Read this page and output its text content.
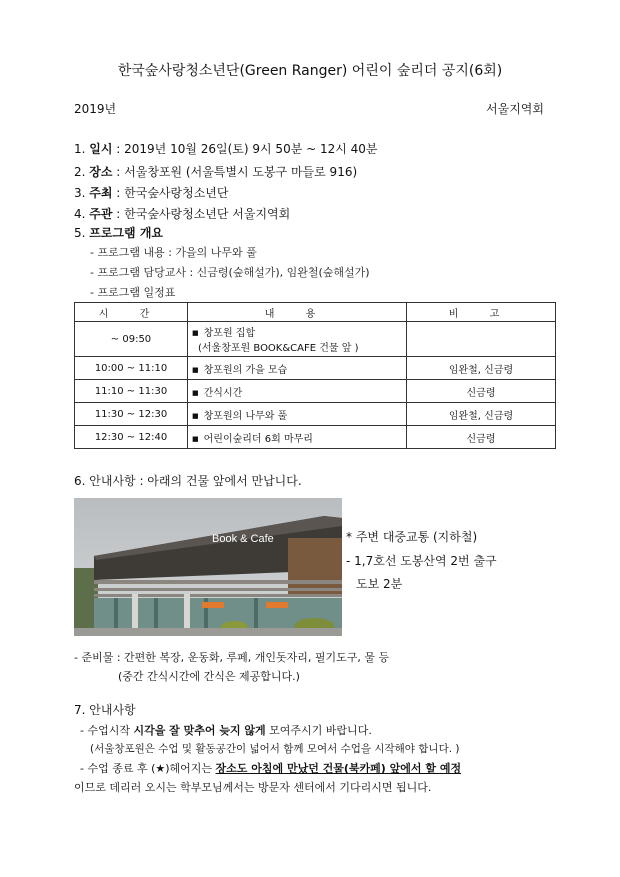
한국숲사랑청소년단(Green Ranger) 어린이 숲리더 공지(6회)
2019년	서울지역회
1. 일시 : 2019년 10월 26일(토) 9시 50분 ~ 12시 40분
2. 장소 : 서울창포원 (서울특별시 도봉구 마들로 916)
3. 주최 : 한국숲사랑청소년단
4. 주관 : 한국숲사랑청소년단 서울지역회
5. 프로그램 개요
- 프로그램 내용 : 가을의 나무와 풀
- 프로그램 담당교사 : 신금령(숲해설가), 임완철(숲해설가)
- 프로그램 일정표
시 간	내 용	비 고
~ 09:50	■ 창포원 집합
(서울창포원 BOOK&CAFE 건물 앞 )	
10:00 ~ 11:10	■ 창포원의 가을 모습	임완철, 신금령
11:10 ~ 11:30	■ 간식시간	신금령
11:30 ~ 12:30	■ 창포원의 나무와 풀	임완철, 신금령
12:30 ~ 12:40	■ 어린이숲리더 6회 마무리	신금령
6. 안내사항 : 아래의 건물 앞에서 만납니다.
Book & Cafe	* 주변 대중교통 (지하철)
- 1,7호선 도봉산역 2번 출구
도보 2분
- 준비물 : 간편한 복장, 운동화, 루페, 개인돗자리, 필기도구, 물 등
(중간 간식시간에 간식은 제공합니다.)
7. 안내사항
- 수업시작 시각을 잘 맞추어 늦지 않게 모여주시기 바랍니다.
(서울창포원은 수업 및 활동공간이 넓어서 함께 모여서 수업을 시작해야 합니다. )
- 수업 종료 후 (★)헤어지는 장소도 아침에 만났던 건물(북카페) 앞에서 할 예정
이므로 데리러 오시는 학부모님께서는 방문자 센터에서 기다리시면 됩니다.
